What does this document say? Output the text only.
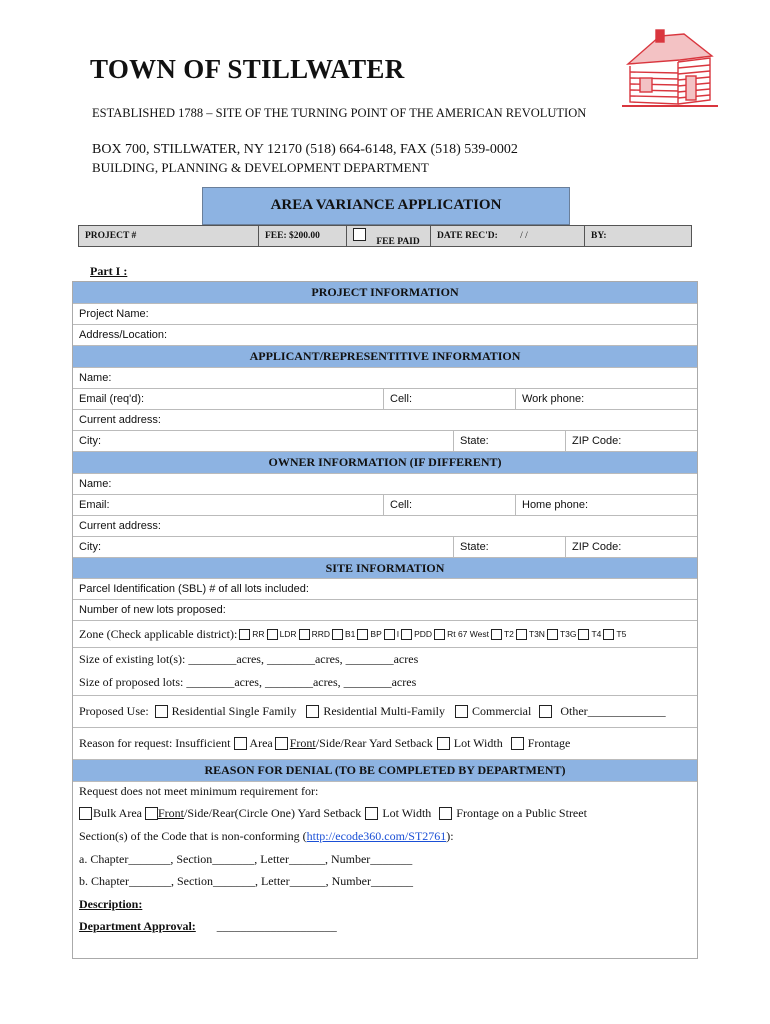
TOWN OF STILLWATER
ESTABLISHED 1788 – SITE OF THE TURNING POINT OF THE AMERICAN REVOLUTION
BOX 700, STILLWATER, NY 12170 (518) 664-6148, FAX (518) 539-0002
BUILDING, PLANNING & DEVELOPMENT DEPARTMENT
AREA VARIANCE APPLICATION
PROJECT #	FEE: $200.00
FEE PAID
DATE REC'D: / /	BY:
Part I :
PROJECT INFORMATION
Project Name:
Address/Location:
APPLICANT/REPRESENTITIVE INFORMATION
Name:
Email (req'd):	Cell:	Work phone:
Current address:
City:	State:	ZIP Code:
OWNER INFORMATION (IF DIFFERENT)
Name:
Email:	Cell:	Home phone:
Current address:
City:	State:	ZIP Code:
SITE INFORMATION
Parcel Identification (SBL) # of all lots included:
Number of new lots proposed:
Zone (Check applicable district): RR LDR RRD B1 BP I PDD Rt 67 West T2 T3N T3G T4 T5
Size of existing lot(s): ________acres, ________acres, ________acres
Size of proposed lots: ________acres, ________acres, ________acres
Proposed Use: Residential Single Family Residential Multi-Family Commercial Other_____________
Reason for request: Insufficient Area Front /Side/Rear Yard Setback Lot Width Frontage
REASON FOR DENIAL (TO BE COMPLETED BY DEPARTMENT)
Request does not meet minimum requirement for:
Bulk Area Front /Side/Rear(Circle One) Yard Setback Lot Width Frontage on a Public Street
Section(s) of the Code that is non-conforming (http://ecode360.com/ST2761):
a. Chapter_______, Section_______, Letter______, Number_______
b. Chapter_______, Section_______, Letter______, Number_______
Description:
Department Approval: ____________________
